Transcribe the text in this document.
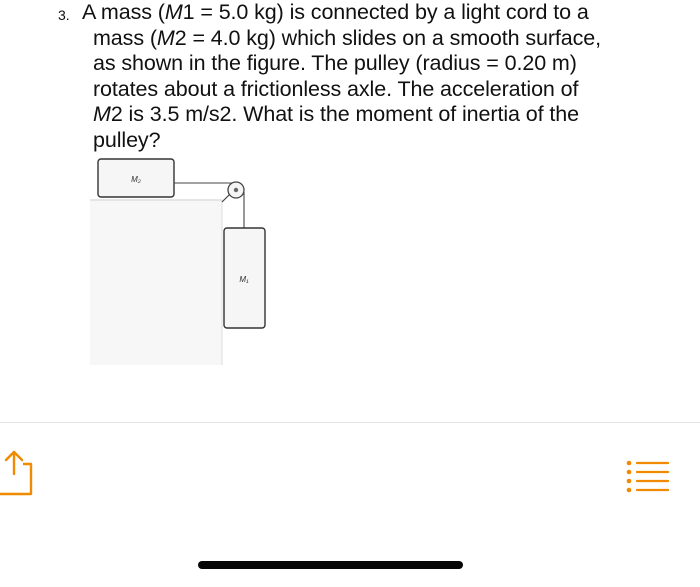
3. A mass (M1 = 5.0 kg) is connected by a light cord to a
mass (M2 = 4.0 kg) which slides on a smooth surface,
as shown in the figure. The pulley (radius = 0.20 m)
rotates about a frictionless axle. The acceleration of
M2 is 3.5 m/s2. What is the moment of inertia of the
pulley?
M₂
M₁
